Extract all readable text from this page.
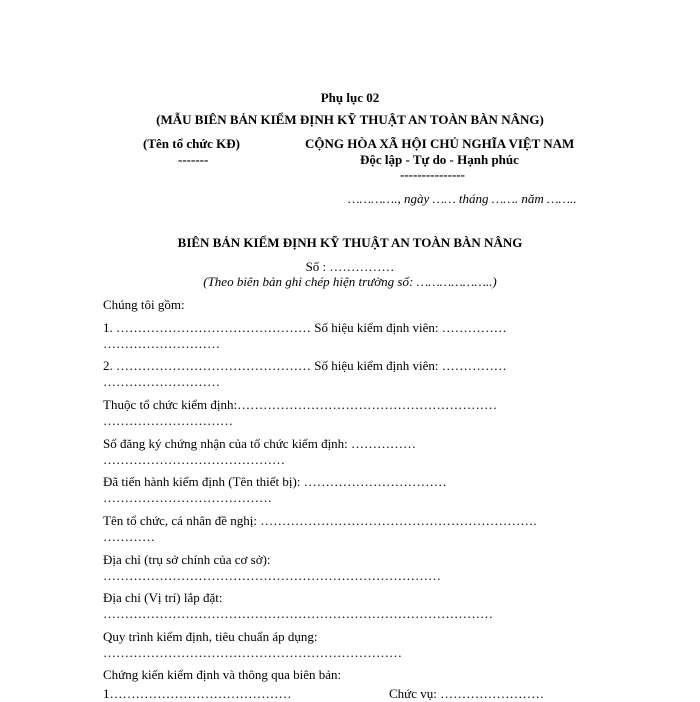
Phụ lục 02
(MẪU BIÊN BẢN KIỂM ĐỊNH KỸ THUẬT AN TOÀN BÀN NÂNG)
(Tên tổ chức KĐ)
-------
CỘNG HÒA XÃ HỘI CHỦ NGHĨA VIỆT NAM
Độc lập - Tự do - Hạnh phúc
---------------
…………., ngày …… tháng ……. năm ……..
BIÊN BẢN KIỂM ĐỊNH KỸ THUẬT AN TOÀN BÀN NÂNG
Số : ……………
(Theo biên bản ghi chép hiện trường số: ………………..)
Chúng tôi gồm:
1. ……………………………………… Số hiệu kiểm định viên: ……………
………………………
2. ……………………………………… Số hiệu kiểm định viên: ……………
………………………
Thuộc tổ chức kiểm định:……………………………………………………
…………………………
Số đăng ký chứng nhận của tổ chức kiểm định: ……………
……………………………………
Đã tiến hành kiểm định (Tên thiết bị): ……………………………
…………………………………
Tên tổ chức, cá nhân đề nghị: ……………………………………………………….
…………
Địa chỉ (trụ sở chính của cơ sở):
……………………………………………………………………
Địa chỉ (Vị trí) lắp đặt:
………………………………………………………………………………
Quy trình kiểm định, tiêu chuẩn áp dụng:
……………………………………………………………
Chứng kiến kiểm định và thông qua biên bản:
1……………………………………	Chức vụ: ……………………
